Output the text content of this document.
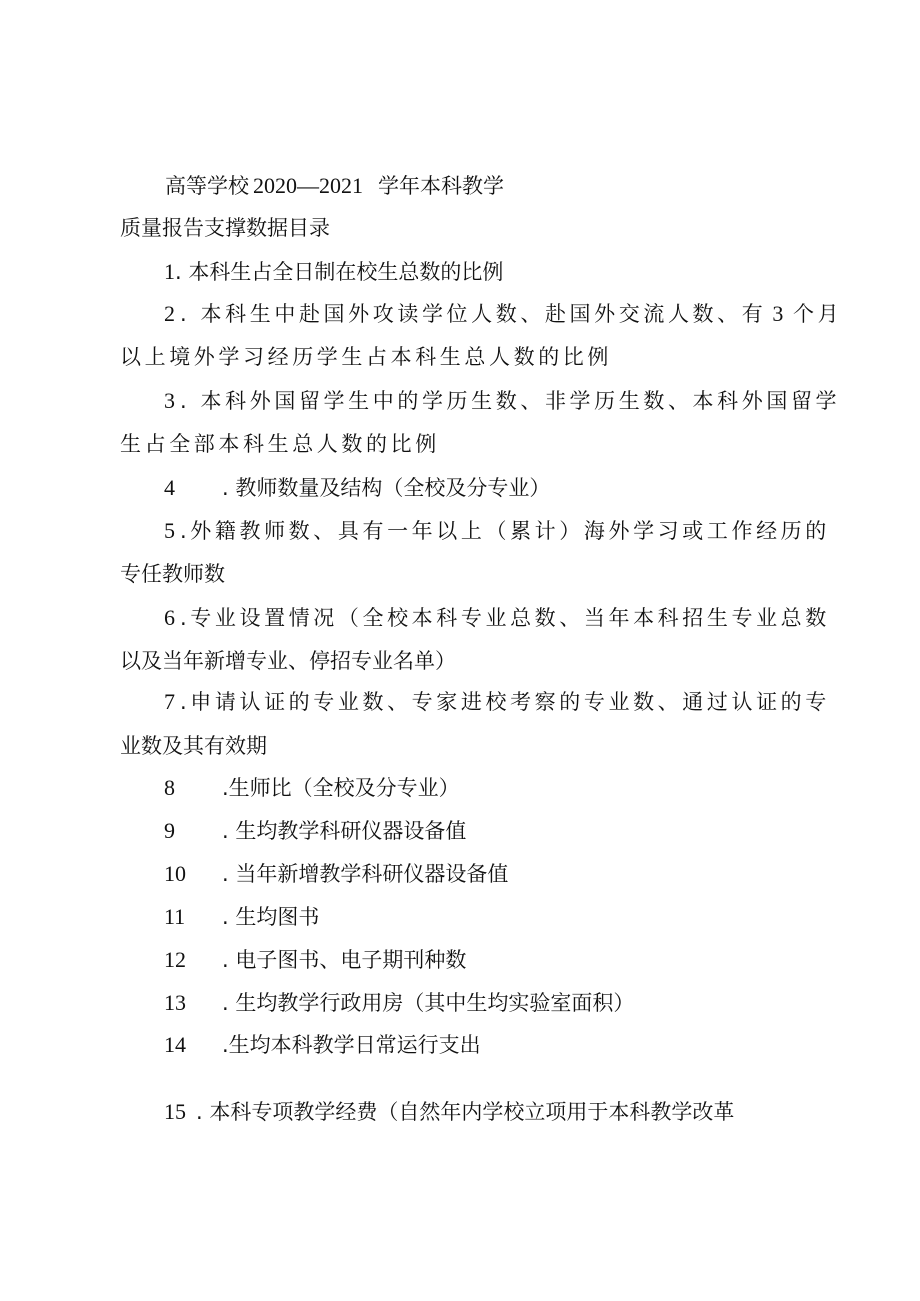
高等学校 2020—2021 学年本科教学
质量报告支撑数据目录
1 . 本科生占全日制在校生总数的比例
2 . 本科生中赴国外攻读学位人数、赴国外交流人数、有 3 个月
以上境外学习经历学生占本科生总人数的比例
3 . 本科外国留学生中的学历生数、非学历生数、本科外国留学
生占全部本科生总人数的比例
4 . 教师数量及结构（全校及分专业）
5 .外籍教师数、具有一年以上（累计）海外学习或工作经历的
专任教师数
6 .专业设置情况（全校本科专业总数、当年本科招生专业总数
以及当年新增专业、停招专业名单）
7 .申请认证的专业数、专家进校考察的专业数、通过认证的专
业数及其有效期
8 .生师比（全校及分专业）
9 . 生均教学科研仪器设备值
10 . 当年新增教学科研仪器设备值
11 . 生均图书
12 . 电子图书、电子期刊种数
13 . 生均教学行政用房（其中生均实验室面积）
14 .生均本科教学日常运行支出
15 . 本科专项教学经费（自然年内学校立项用于本科教学改革
